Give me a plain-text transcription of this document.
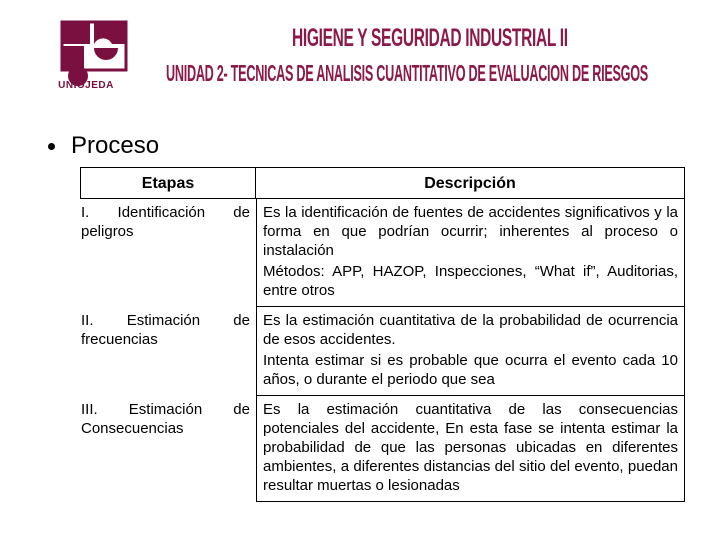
UNIOJEDA
HIGIENE Y SEGURIDAD INDUSTRIAL II
UNIDAD 2- TECNICAS DE ANALISIS CUANTITATIVO DE EVALUACION DE RIESGOS
Proceso
Etapas	Descripción
I. Identificación de peligros	Es la identificación de fuentes de accidentes significativos y la forma en que podrían ocurrir; inherentes al proceso o instalación

Métodos: APP, HAZOP, Inspecciones, “What if”, Auditorias, entre otros

II. Estimación de frecuencias	Es la estimación cuantitativa de la probabilidad de ocurrencia de esos accidentes.

Intenta estimar si es probable que ocurra el evento cada 10 años, o durante el periodo que sea

III. Estimación de Consecuencias	Es la estimación cuantitativa de las consecuencias potenciales del accidente, En esta fase se intenta estimar la probabilidad de que las personas ubicadas en diferentes ambientes, a diferentes distancias del sitio del evento, puedan resultar muertas o lesionadas
